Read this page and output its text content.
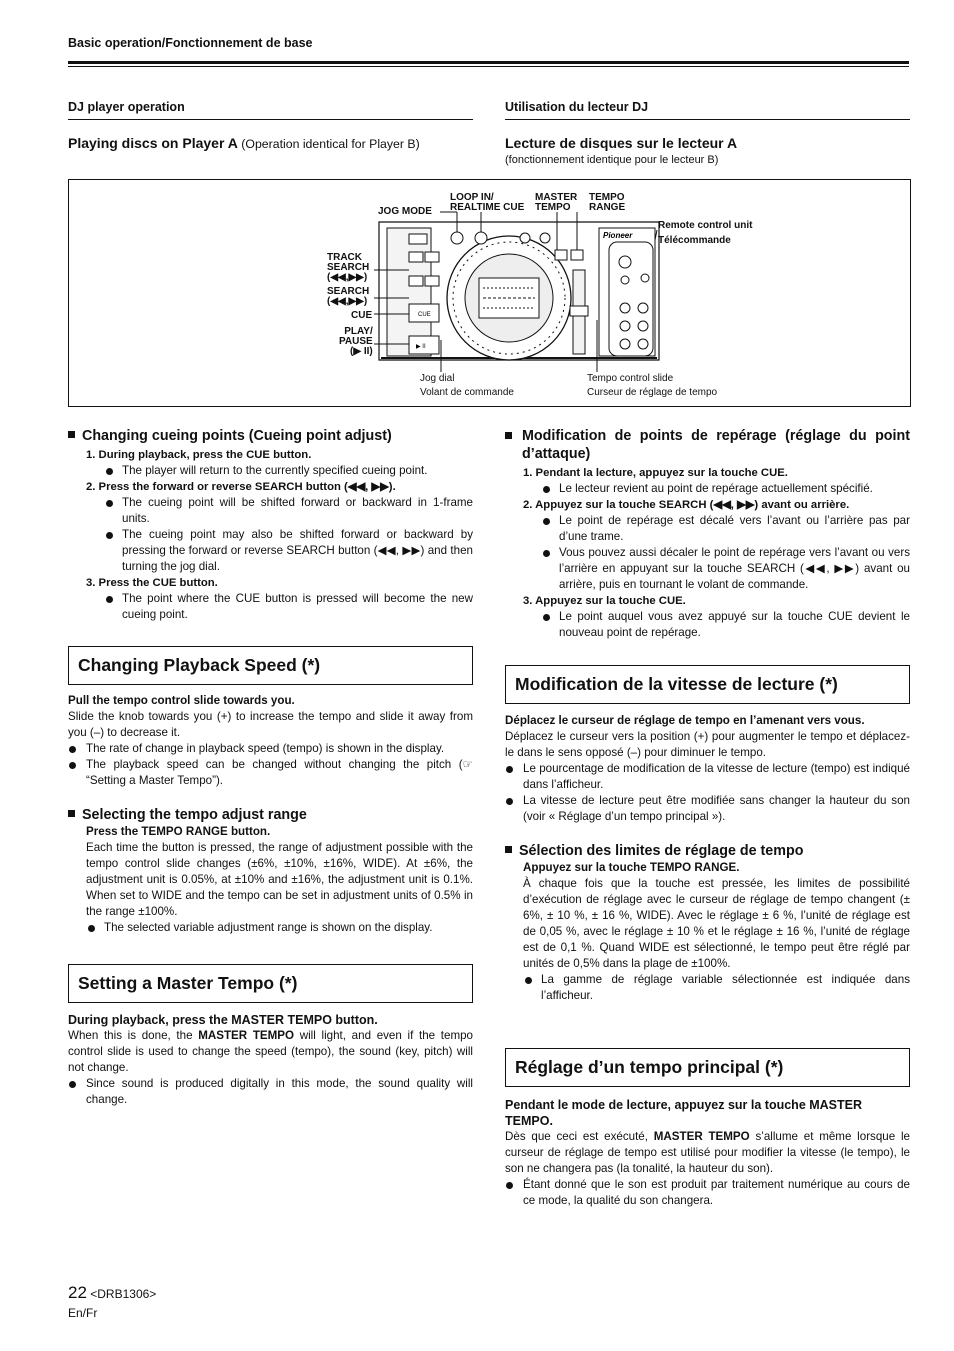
Basic operation/Fonctionnement de base
DJ player operation	Utilisation du lecteur DJ
Playing discs on Player A (Operation identical for Player B)	Lecture de disques sur le lecteur A
(fonctionnement identique pour le lecteur B)
CUE
▶ II
Pioneer
JOG MODE
LOOP IN/
REALTIME CUE
MASTER
TEMPO
TEMPO
RANGE
Remote control unit
Télécommande
TRACK
SEARCH
(◀◀,▶▶)
SEARCH
(◀◀,▶▶)
CUE
PLAY/
PAUSE
(▶ II)
Jog dial
Volant de commande
Tempo control slide
Curseur de réglage de tempo
Changing cueing points (Cueing point adjust)
1. During playback, press the CUE button.
The player will return to the currently specified cueing point.
2. Press the forward or reverse SEARCH button (◀◀, ▶▶).
The cueing point will be shifted forward or backward in 1-frame units.
The cueing point may also be shifted forward or backward by pressing the forward or reverse SEARCH button (◀◀, ▶▶) and then turning the jog dial.
3. Press the CUE button.
The point where the CUE button is pressed will become the new cueing point.
Changing Playback Speed (*)
Pull the tempo control slide towards you.
Slide the knob towards you (+) to increase the tempo and slide it away from you (–) to decrease it.
The rate of change in playback speed (tempo) is shown in the display.
The playback speed can be changed without changing the pitch (☞ “Setting a Master Tempo”).
Selecting the tempo adjust range
Press the TEMPO RANGE button.
Each time the button is pressed, the range of adjustment possible with the tempo control slide changes (±6%, ±10%, ±16%, WIDE). At ±6%, the adjustment unit is 0.05%, at ±10% and ±16%, the adjustment unit is 0.1%. When set to WIDE and the tempo can be set in adjustment units of 0.5% in the range ±100%.
The selected variable adjustment range is shown on the display.
Setting a Master Tempo (*)
During playback, press the MASTER TEMPO button.
When this is done, the MASTER TEMPO will light, and even if the tempo control slide is used to change the speed (tempo), the sound (key, pitch) will not change.
Since sound is produced digitally in this mode, the sound quality will change.
Modification de points de repérage (réglage du point d’attaque)
1. Pendant la lecture, appuyez sur la touche CUE.
Le lecteur revient au point de repérage actuellement spécifié.
2. Appuyez sur la touche SEARCH (◀◀, ▶▶) avant ou arrière.
Le point de repérage est décalé vers l’avant ou l’arrière pas par d’une trame.
Vous pouvez aussi décaler le point de repérage vers l’avant ou vers l’arrière en appuyant sur la touche SEARCH (◀◀, ▶▶) avant ou arrière, puis en tournant le volant de commande.
3. Appuyez sur la touche CUE.
Le point auquel vous avez appuyé sur la touche CUE devient le nouveau point de repérage.
Modification de la vitesse de lecture (*)
Déplacez le curseur de réglage de tempo en l’amenant vers vous.
Déplacez le curseur vers la position (+) pour augmenter le tempo et déplacez-le dans le sens opposé (–) pour diminuer le tempo.
Le pourcentage de modification de la vitesse de lecture (tempo) est indiqué dans l’afficheur.
La vitesse de lecture peut être modifiée sans changer la hauteur du son (voir « Réglage d’un tempo principal »).
Sélection des limites de réglage de tempo
Appuyez sur la touche TEMPO RANGE.
À chaque fois que la touche est pressée, les limites de possibilité d’exécution de réglage avec le curseur de réglage de tempo changent (± 6%, ± 10 %, ± 16 %, WIDE). Avec le réglage ± 6 %, l’unité de réglage est de 0,05 %, avec le réglage ± 10 % et le réglage ± 16 %, l’unité de réglage est de 0,1 %. Quand WIDE est sélectionné, le tempo peut être réglé par unités de 0,5% dans la plage de ±100%.
La gamme de réglage variable sélectionnée est indiquée dans l’afficheur.
Réglage d’un tempo principal (*)
Pendant le mode de lecture, appuyez sur la touche MASTER TEMPO.
Dès que ceci est exécuté, MASTER TEMPO s’allume et même lorsque le curseur de réglage de tempo est utilisé pour modifier la vitesse (le tempo), le son ne changera pas (la tonalité, la hauteur du son).
Étant donné que le son est produit par traitement numérique au cours de ce mode, la qualité du son changera.
22 <DRB1306>
En/Fr
